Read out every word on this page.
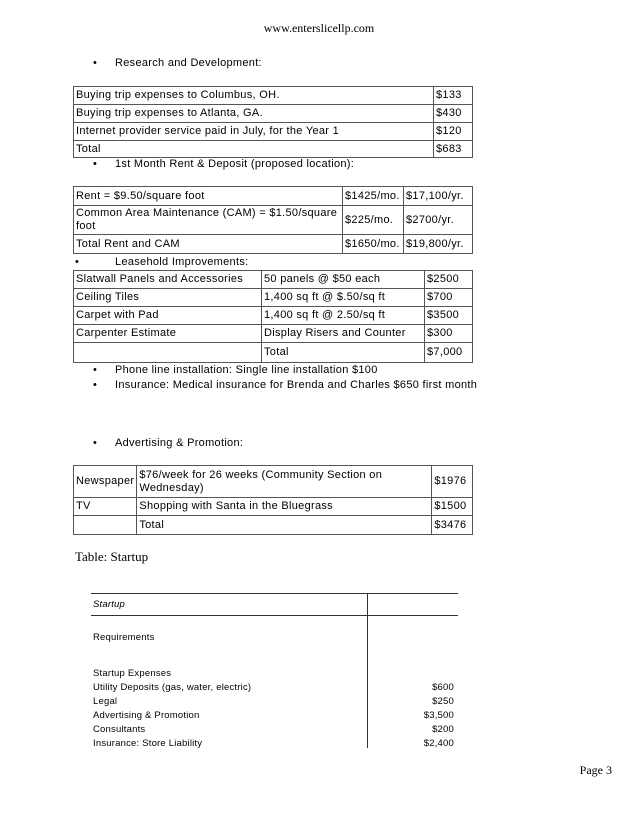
www.enterslicellp.com
• Research and Development:
Buying trip expenses to Columbus, OH.	$133
Buying trip expenses to Atlanta, GA.	$430
Internet provider service paid in July, for the Year 1	$120
Total	$683
• 1st Month Rent & Deposit (proposed location):
Rent = $9.50/square foot	$1425/mo.	$17,100/yr.
Common Area Maintenance (CAM) = $1.50/square foot	$225/mo.	$2700/yr.
Total Rent and CAM	$1650/mo.	$19,800/yr.
•	Leasehold Improvements:
Slatwall Panels and Accessories	50 panels @ $50 each	$2500
Ceiling Tiles	1,400 sq ft @ $.50/sq ft	$700
Carpet with Pad	1,400 sq ft @ 2.50/sq ft	$3500
Carpenter Estimate	Display Risers and Counter	$300
	Total	$7,000
• Phone line installation: Single line installation $100
• Insurance: Medical insurance for Brenda and Charles $650 first month
• Advertising & Promotion:
Newspaper	$76/week for 26 weeks (Community Section on Wednesday)	$1976
TV	Shopping with Santa in the Bluegrass	$1500
	Total	$3476
Table: Startup
Startup
Requirements
Startup Expenses
Utility Deposits (gas, water, electric)	$600
Legal	$250
Advertising & Promotion	$3,500
Consultants	$200
Insurance: Store Liability	$2,400
Page 3
